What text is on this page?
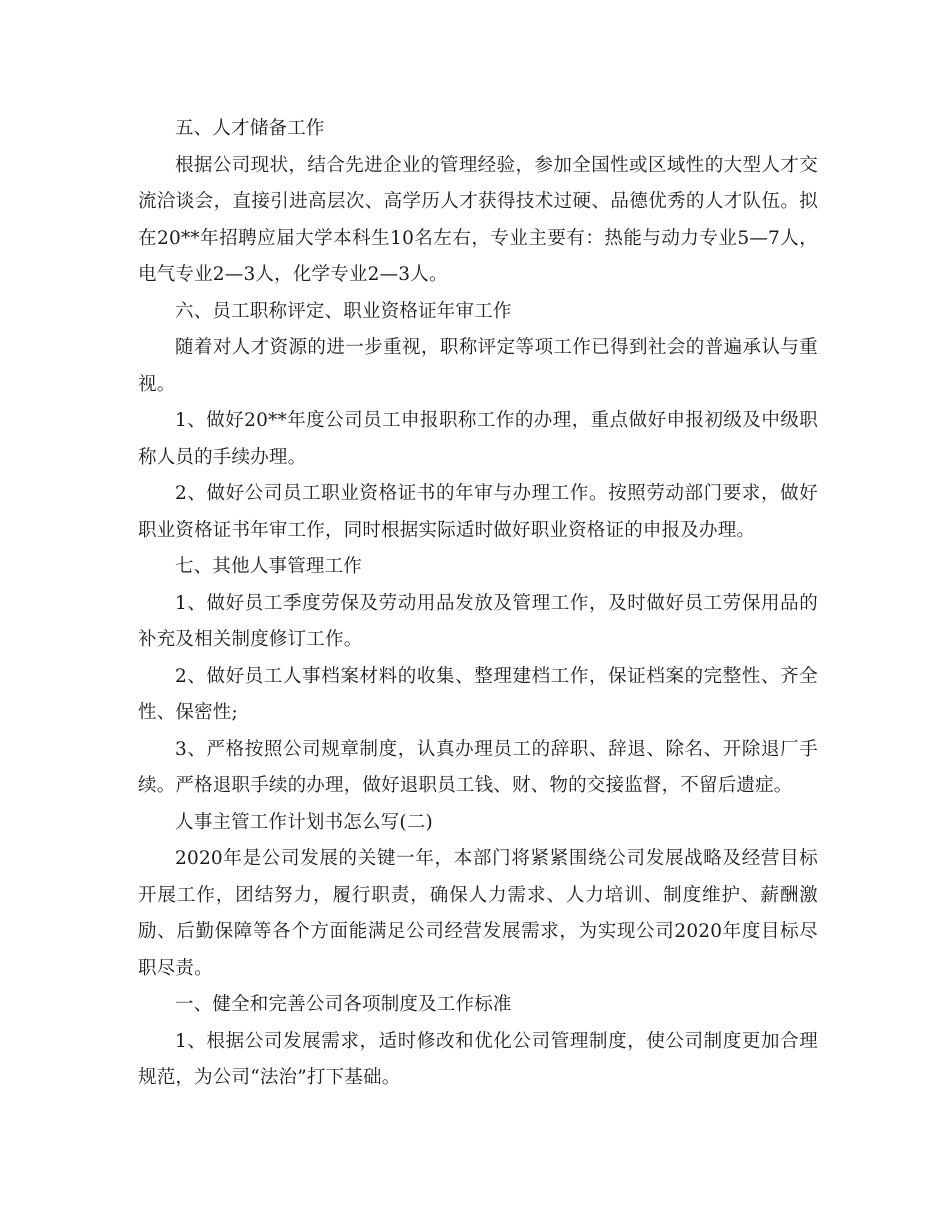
五、人才储备工作

根据公司现状，结合先进企业的管理经验，参加全国性或区域性的大型人才交流洽谈会，直接引进高层次、高学历人才获得技术过硬、品德优秀的人才队伍。拟在20**年招聘应届大学本科生10名左右，专业主要有：热能与动力专业5—7人，电气专业2—3人，化学专业2—3人。

六、员工职称评定、职业资格证年审工作

随着对人才资源的进一步重视，职称评定等项工作已得到社会的普遍承认与重视。

1、做好20**年度公司员工申报职称工作的办理，重点做好申报初级及中级职称人员的手续办理。

2、做好公司员工职业资格证书的年审与办理工作。按照劳动部门要求，做好职业资格证书年审工作，同时根据实际适时做好职业资格证的申报及办理。

七、其他人事管理工作

1、做好员工季度劳保及劳动用品发放及管理工作，及时做好员工劳保用品的补充及相关制度修订工作。

2、做好员工人事档案材料的收集、整理建档工作，保证档案的完整性、齐全性、保密性;

3、严格按照公司规章制度，认真办理员工的辞职、辞退、除名、开除退厂手续。严格退职手续的办理，做好退职员工钱、财、物的交接监督，不留后遗症。

人事主管工作计划书怎么写(二)

2020年是公司发展的关键一年，本部门将紧紧围绕公司发展战略及经营目标开展工作，团结努力，履行职责，确保人力需求、人力培训、制度维护、薪酬激励、后勤保障等各个方面能满足公司经营发展需求，为实现公司2020年度目标尽职尽责。

一、健全和完善公司各项制度及工作标准

1、根据公司发展需求，适时修改和优化公司管理制度，使公司制度更加合理规范，为公司“法治”打下基础。
